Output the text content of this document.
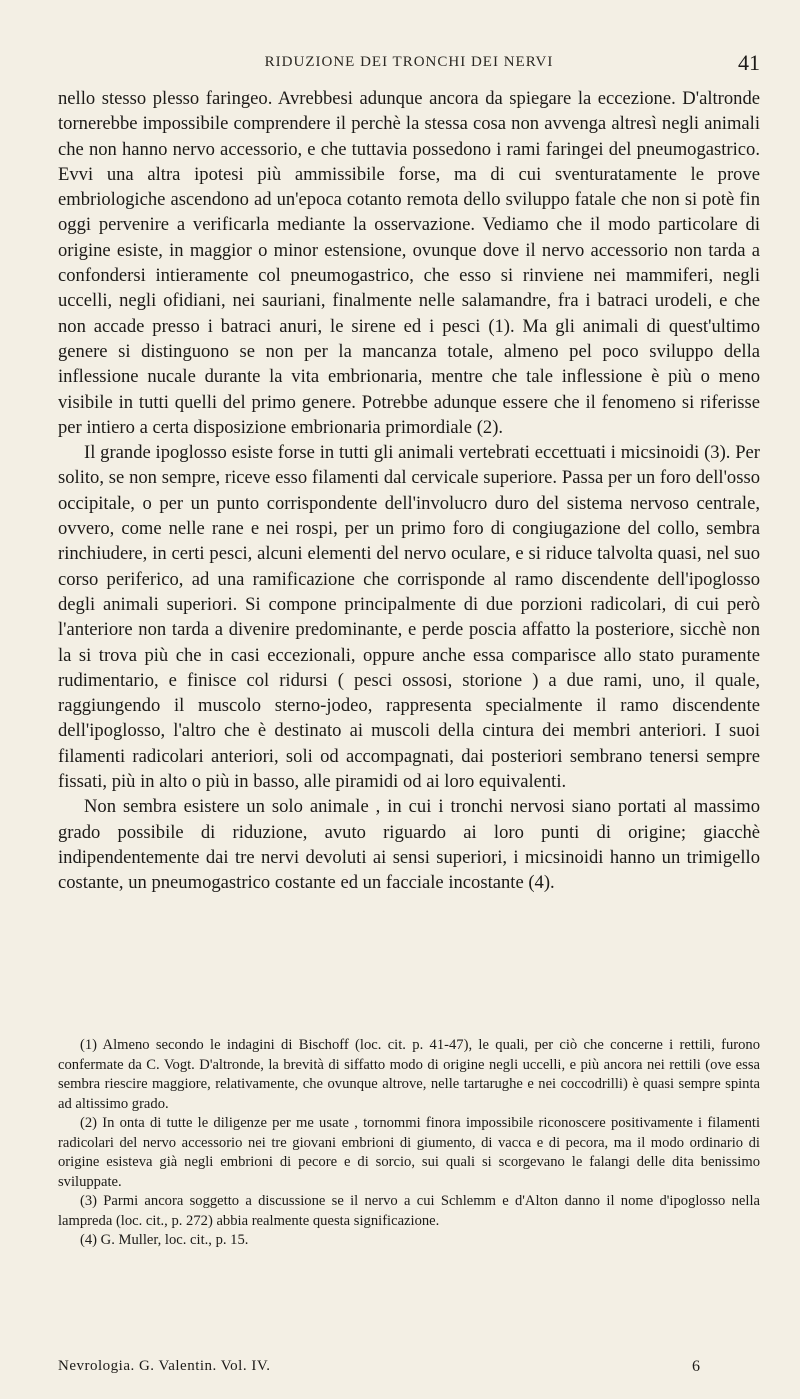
RIDUZIONE DEI TRONCHI DEI NERVI	41

nello stesso plesso faringeo. Avrebbesi adunque ancora da spiegare la eccezione. D'altronde tornerebbe impossibile comprendere il perchè la stessa cosa non avvenga altresì negli animali che non hanno nervo accessorio, e che tuttavia possedono i rami faringei del pneumogastrico. Evvi una altra ipotesi più ammissibile forse, ma di cui sventuratamente le prove embriologiche ascendono ad un'epoca cotanto remota dello sviluppo fatale che non si potè fin oggi pervenire a verificarla mediante la osservazione. Vediamo che il modo particolare di origine esiste, in maggior o minor estensione, ovunque dove il nervo accessorio non tarda a confondersi intieramente col pneumogastrico, che esso si rinviene nei mammiferi, negli uccelli, negli ofidiani, nei sauriani, finalmente nelle salamandre, fra i batraci urodeli, e che non accade presso i batraci anuri, le sirene ed i pesci (1). Ma gli animali di quest'ultimo genere si distinguono se non per la mancanza totale, almeno pel poco sviluppo della inflessione nucale durante la vita embrionaria, mentre che tale inflessione è più o meno visibile in tutti quelli del primo genere. Potrebbe adunque essere che il fenomeno si riferisse per intiero a certa disposizione embrionaria primordiale (2).

Il grande ipoglosso esiste forse in tutti gli animali vertebrati eccettuati i micsinoidi (3). Per solito, se non sempre, riceve esso filamenti dal cervicale superiore. Passa per un foro dell'osso occipitale, o per un punto corrispondente dell'involucro duro del sistema nervoso centrale, ovvero, come nelle rane e nei rospi, per un primo foro di congiugazione del collo, sembra rinchiudere, in certi pesci, alcuni elementi del nervo oculare, e si riduce talvolta quasi, nel suo corso periferico, ad una ramificazione che corrisponde al ramo discendente dell'ipoglosso degli animali superiori. Si compone principalmente di due porzioni radicolari, di cui però l'anteriore non tarda a divenire predominante, e perde poscia affatto la posteriore, sicchè non la si trova più che in casi eccezionali, oppure anche essa comparisce allo stato puramente rudimentario, e finisce col ridursi ( pesci ossosi, storione ) a due rami, uno, il quale, raggiungendo il muscolo sterno-jodeo, rappresenta specialmente il ramo discendente dell'ipoglosso, l'altro che è destinato ai muscoli della cintura dei membri anteriori. I suoi filamenti radicolari anteriori, soli od accompagnati, dai posteriori sembrano tenersi sempre fissati, più in alto o più in basso, alle piramidi od ai loro equivalenti.

Non sembra esistere un solo animale , in cui i tronchi nervosi siano portati al massimo grado possibile di riduzione, avuto riguardo ai loro punti di origine; giacchè indipendentemente dai tre nervi devoluti ai sensi superiori, i micsinoidi hanno un trimigello costante, un pneumogastrico costante ed un facciale incostante (4).

(1) Almeno secondo le indagini di Bischoff (loc. cit. p. 41-47), le quali, per ciò che concerne i rettili, furono confermate da C. Vogt. D'altronde, la brevità di siffatto modo di origine negli uccelli, e più ancora nei rettili (ove essa sembra riescire maggiore, relativamente, che ovunque altrove, nelle tartarughe e nei coccodrilli) è quasi sempre spinta ad altissimo grado.

(2) In onta di tutte le diligenze per me usate , tornommi finora impossibile riconoscere positivamente i filamenti radicolari del nervo accessorio nei tre giovani embrioni di giumento, di vacca e di pecora, ma il modo ordinario di origine esisteva già negli embrioni di pecore e di sorcio, sui quali si scorgevano le falangi delle dita benissimo sviluppate.

(3) Parmi ancora soggetto a discussione se il nervo a cui Schlemm e d'Alton danno il nome d'ipoglosso nella lampreda (loc. cit., p. 272) abbia realmente questa significazione.

(4) G. Muller, loc. cit., p. 15.

Nevrologia. G. Valentin. Vol. IV.	6
